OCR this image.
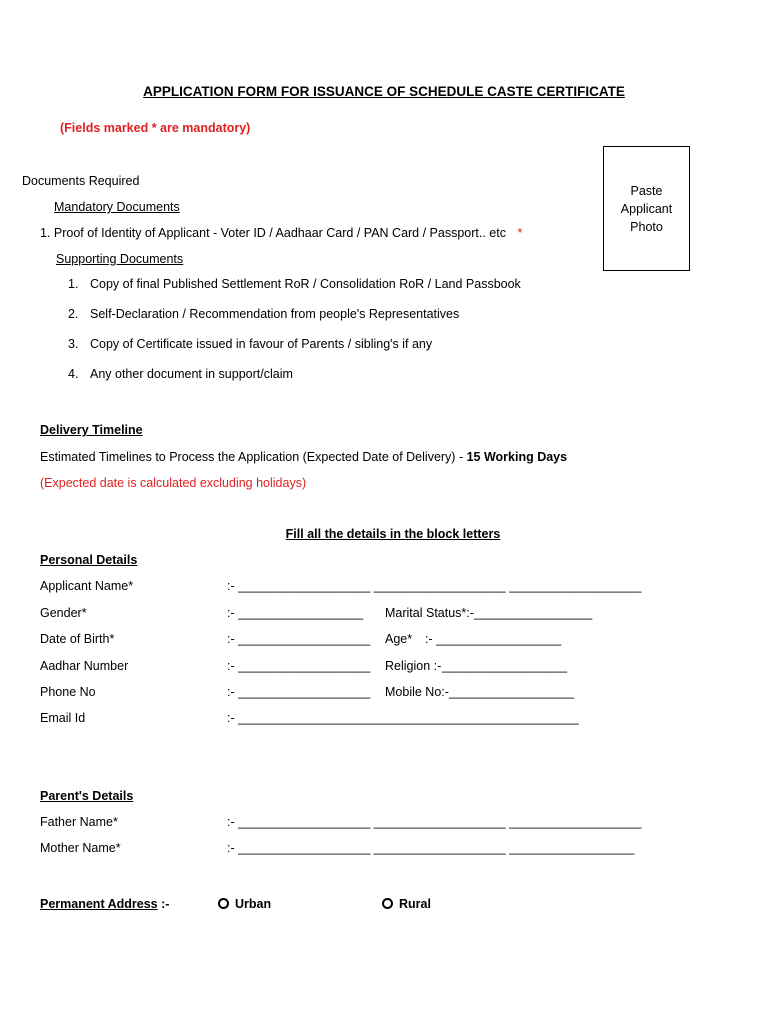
APPLICATION FORM FOR ISSUANCE OF SCHEDULE CASTE CERTIFICATE
(Fields marked * are mandatory)
Paste
Applicant
Photo
Documents Required
Mandatory Documents
1. Proof of Identity of Applicant - Voter ID / Aadhaar Card / PAN Card / Passport.. etc *
Supporting Documents
1. Copy of final Published Settlement RoR / Consolidation RoR / Land Passbook
2. Self-Declaration / Recommendation from people's Representatives
3. Copy of Certificate issued in favour of Parents / sibling's if any
4. Any other document in support/claim
Delivery Timeline
Estimated Timelines to Process the Application (Expected Date of Delivery) - 15 Working Days
(Expected date is calculated excluding holidays)
Fill all the details in the block letters
Personal Details
Applicant Name*	:- ___________________ ___________________ ___________________
Gender*	:- __________________ Marital Status*:- _________________
Date of Birth*	:- ___________________ Age* :- __________________
Aadhar Number	:- ___________________ Religion :- __________________
Phone No	:- ___________________ Mobile No:- __________________
Email Id	:- _________________________________________________
Parent's Details
Father Name*	:- ___________________ ___________________ ___________________
Mother Name*	:- ___________________ ___________________ __________________
Permanent Address :-	Urban	Rural
